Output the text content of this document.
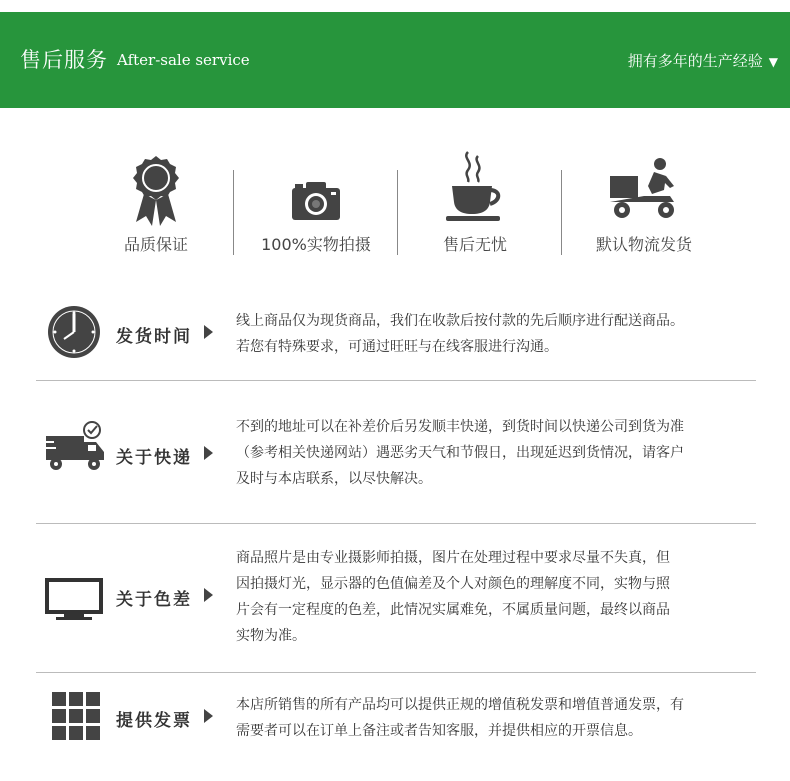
售后服务 After-sale service	拥有多年的生产经验 ▼
品质保证	100%实物拍摄	售后无忧	默认物流发货
发货时间
线上商品仅为现货商品，我们在收款后按付款的先后顺序进行配送商品。
若您有特殊要求，可通过旺旺与在线客服进行沟通。
关于快递
不到的地址可以在补差价后另发顺丰快递，到货时间以快递公司到货为准
（参考相关快递网站）遇恶劣天气和节假日，出现延迟到货情况，请客户
及时与本店联系，以尽快解决。
关于色差
商品照片是由专业摄影师拍摄，图片在处理过程中要求尽量不失真，但
因拍摄灯光，显示器的色值偏差及个人对颜色的理解度不同，实物与照
片会有一定程度的色差，此情况实属难免，不属质量问题，最终以商品
实物为准。
提供发票
本店所销售的所有产品均可以提供正规的增值税发票和增值普通发票，有
需要者可以在订单上备注或者告知客服，并提供相应的开票信息。
